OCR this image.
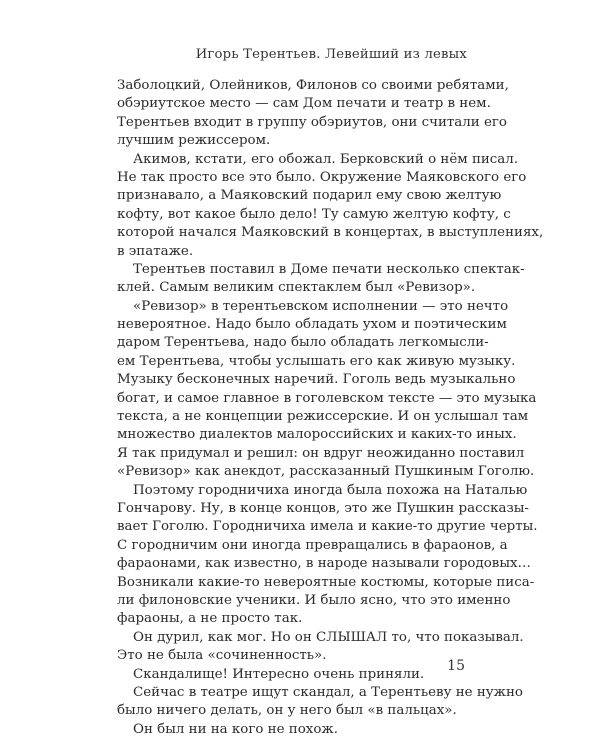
Игорь Терентьев. Левейший из левых
Заболоцкий, Олейников, Филонов со своими ребятами,
обэриутское место — сам Дом печати и театр в нем.
Терентьев входит в группу обэриутов, они считали его
лучшим режиссером.
Акимов, кстати, его обожал. Берковский о нём писал.
Не так просто все это было. Окружение Маяковского его
признавало, а Маяковский подарил ему свою желтую
кофту, вот какое было дело! Ту самую желтую кофту, с
которой начался Маяковский в концертах, в выступлениях,
в эпатаже.
Терентьев поставил в Доме печати несколько спектак-
клей. Самым великим спектаклем был «Ревизор».
«Ревизор» в терентьевском исполнении — это нечто
невероятное. Надо было обладать ухом и поэтическим
даром Терентьева, надо было обладать легкомысли-
ем Терентьева, чтобы услышать его как живую музыку.
Музыку бесконечных наречий. Гоголь ведь музыкально
богат, и самое главное в гоголевском тексте — это музыка
текста, а не концепции режиссерские. И он услышал там
множество диалектов малороссийских и каких-то иных.
Я так придумал и решил: он вдруг неожиданно поставил
«Ревизор» как анекдот, рассказанный Пушкиным Гоголю.
Поэтому городничиха иногда была похожа на Наталью
Гончарову. Ну, в конце концов, это же Пушкин рассказы-
вает Гоголю. Городничиха имела и какие-то другие черты.
С городничим они иногда превращались в фараонов, а
фараонами, как известно, в народе называли городовых…
Возникали какие-то невероятные костюмы, которые писа-
ли филоновские ученики. И было ясно, что это именно
фараоны, а не просто так.
Он дурил, как мог. Но он СЛЫШАЛ то, что показывал.
Это не была «сочиненность».
Скандалище! Интересно очень приняли.
Сейчас в театре ищут скандал, а Терентьеву не нужно
было ничего делать, он у него был «в пальцах».
Он был ни на кого не похож.
15
